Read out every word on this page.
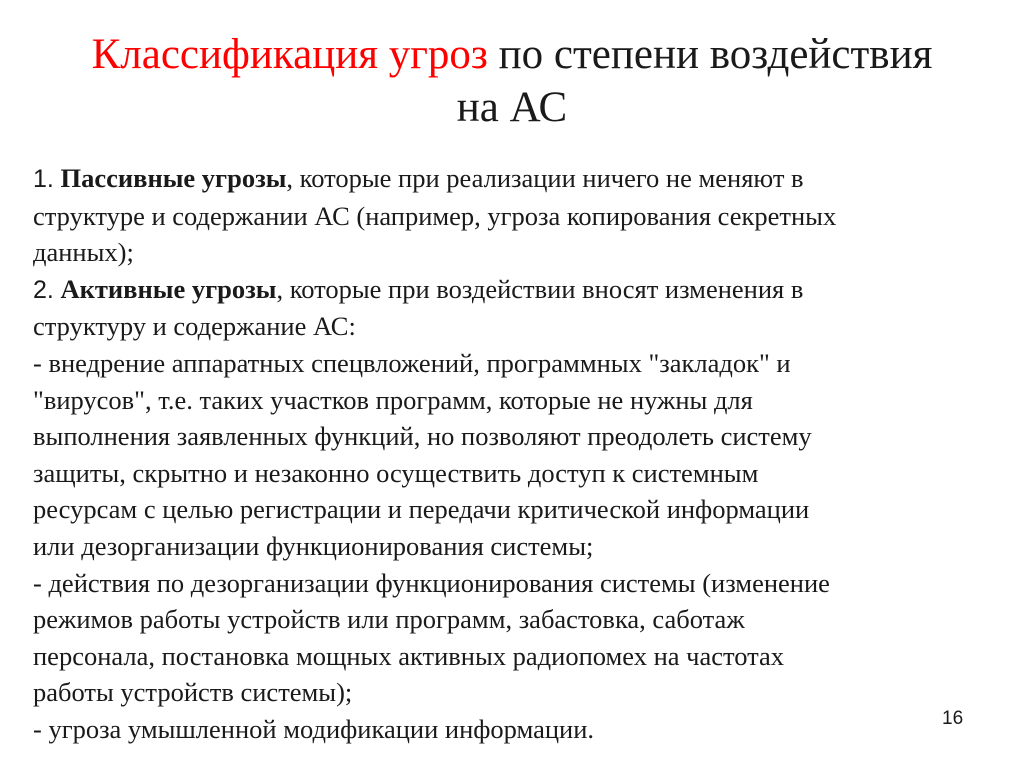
Классификация угроз по степени воздействия
на АС
1. Пассивные угрозы, которые при реализации ничего не меняют в
структуре и содержании АС (например, угроза копирования секретных
данных);
2. Активные угрозы, которые при воздействии вносят изменения в
структуру и содержание АС:
- внедрение аппаратных спецвложений, программных "закладок" и
"вирусов", т.е. таких участков программ, которые не нужны для
выполнения заявленных функций, но позволяют преодолеть систему
защиты, скрытно и незаконно осуществить доступ к системным
ресурсам с целью регистрации и передачи критической информации
или дезорганизации функционирования системы;
- действия по дезорганизации функционирования системы (изменение
режимов работы устройств или программ, забастовка, саботаж
персонала, постановка мощных активных радиопомех на частотах
работы устройств системы);
- угроза умышленной модификации информации.	16
